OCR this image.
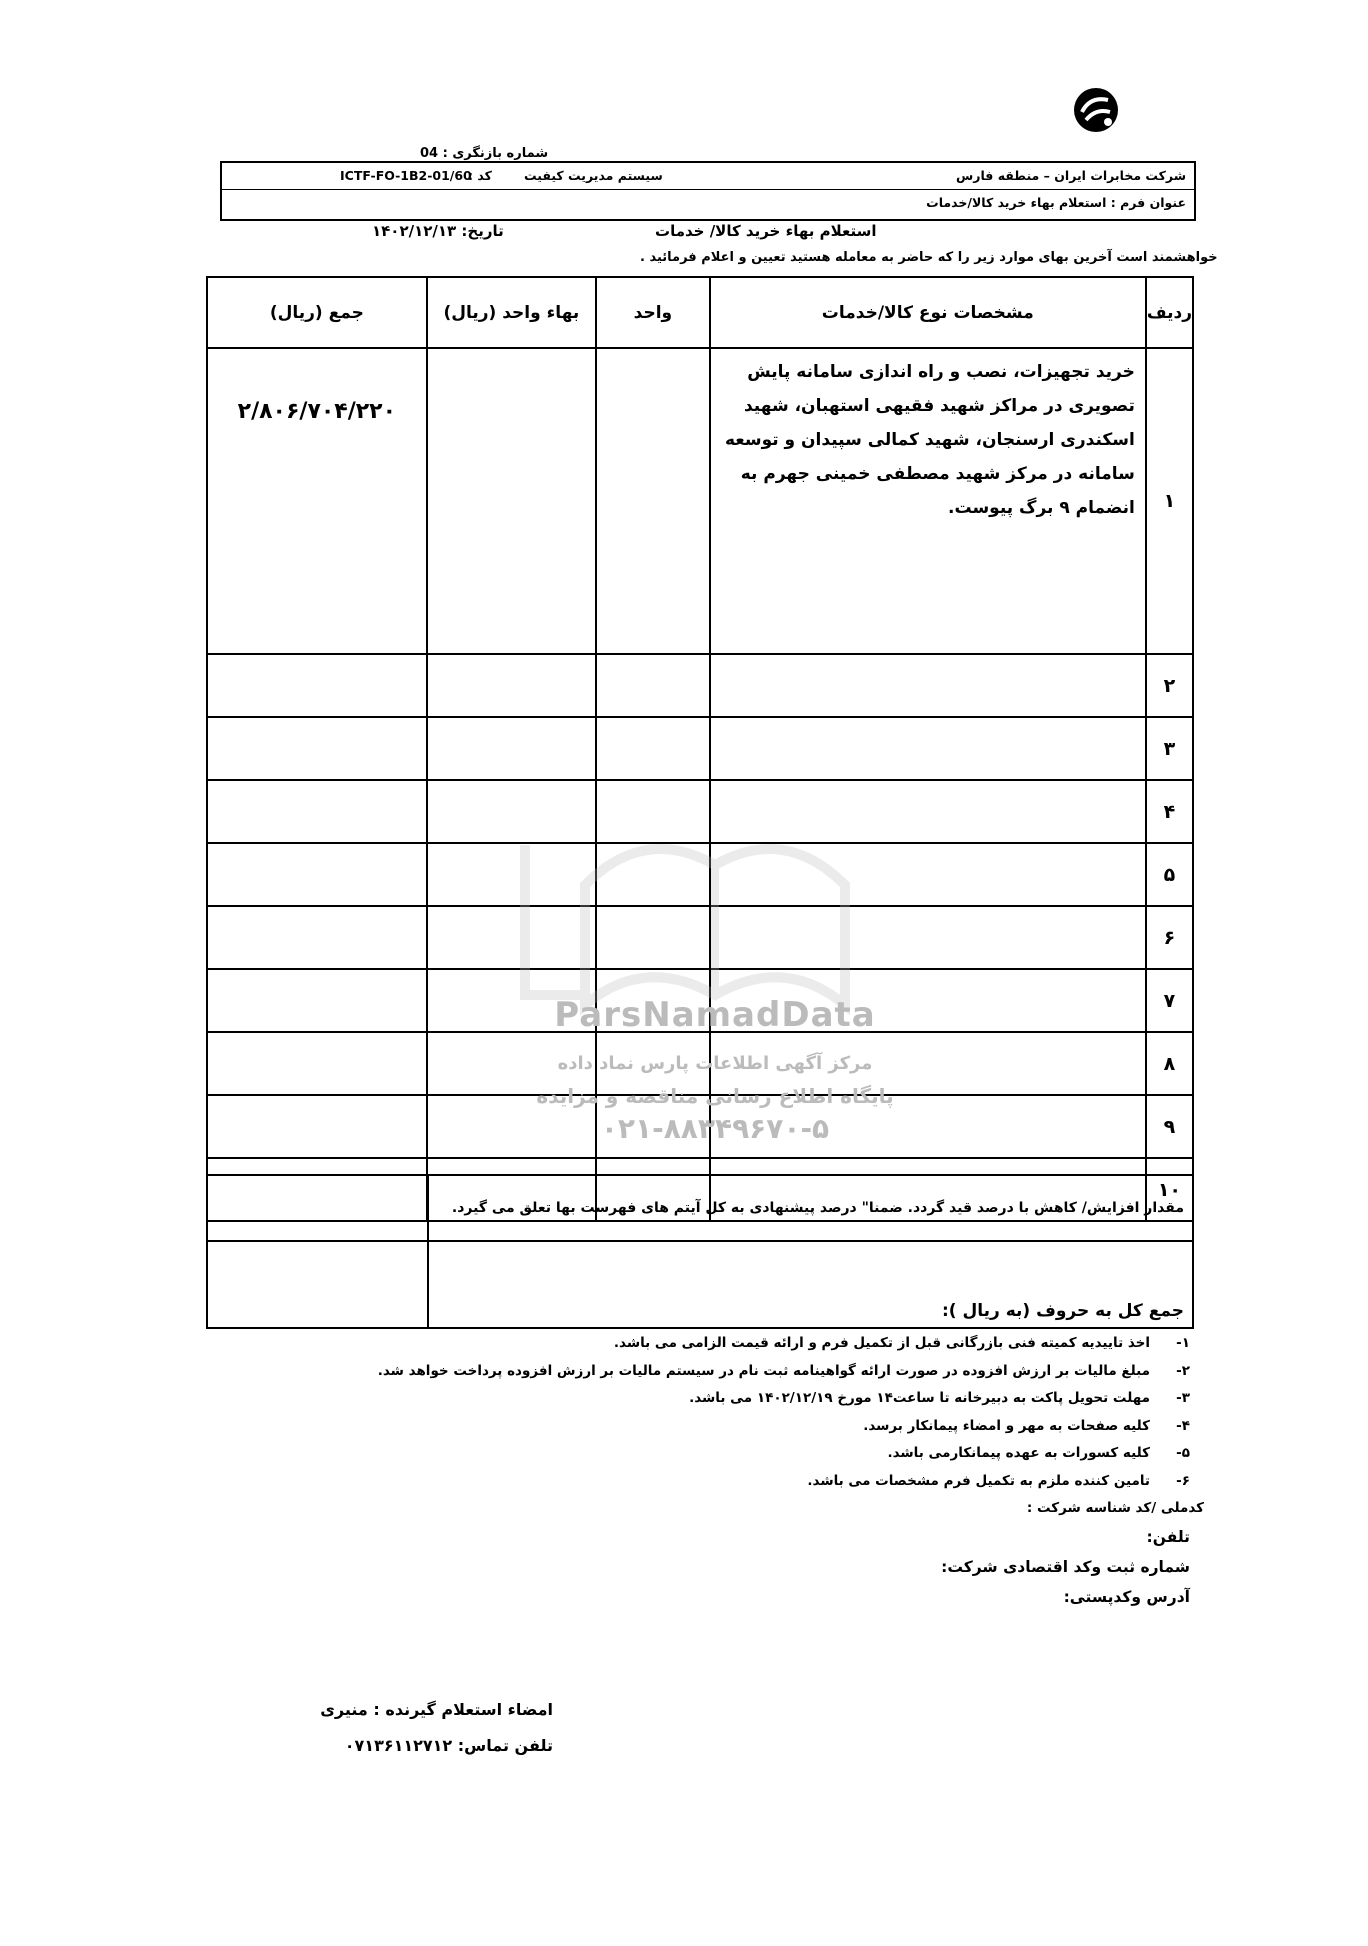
شماره بازنگری : 04
شرکت مخابرات ایران – منطقه فارس
سیستم مدیریت کیفیت
کد :
ICTF-FO-1B2-01/60
عنوان فرم : استعلام بهاء خرید کالا/خدمات
استعلام بهاء خرید کالا/ خدمات
تاریخ: ۱۴۰۲/۱۲/۱۳
خواهشمند است آخرین بهای موارد زیر را که حاضر به معامله هستید تعیین و اعلام فرمائید .
ردیف	مشخصات نوع کالا/خدمات	واحد	بهاء واحد (ریال)	جمع (ریال)
۱	خرید تجهیزات، نصب و راه اندازی سامانه پایش تصویری در مراکز شهید فقیهی استهبان، شهید اسکندری ارسنجان، شهید کمالی سپیدان و توسعه سامانه در مرکز شهید مصطفی خمینی جهرم به انضمام ۹ برگ پیوست.			۲/۸۰۶/۷۰۴/۲۲۰
۲				
۳				
۴				
۵				
۶				
۷				
۸				
۹				
۱۰				
ParsNamadData
مرکز آگهی اطلاعات پارس نماد داده
پایگاه اطلاع رسانی مناقصه و مزایده
۰۲۱-۸۸۳۴۹۶۷۰-۵
مقدار افزایش/ کاهش با درصد قید گردد. ضمنا" درصد پیشنهادی به کل آیتم های فهرست بها تعلق می گیرد.	
جمع کل به حروف (به ریال ):	
۱-اخذ تاییدیه کمیته فنی بازرگانی قبل از تکمیل فرم و ارائه قیمت الزامی می باشد.
۲-مبلغ مالیات بر ارزش افزوده در صورت ارائه گواهینامه ثبت نام در سیستم مالیات بر ارزش افزوده پرداخت خواهد شد.
۳-مهلت تحویل پاکت به دبیرخانه تا ساعت۱۴ مورخ ۱۴۰۲/۱۲/۱۹ می باشد.
۴-کلیه صفحات به مهر و امضاء پیمانکار برسد.
۵-کلیه کسورات به عهده پیمانکارمی باشد.
۶-تامین کننده ملزم به تکمیل فرم مشخصات می باشد.
کدملی /کد شناسه شرکت :
تلفن:
شماره ثبت وکد اقتصادی شرکت:
آدرس وکدپستی:
امضاء استعلام گیرنده : منیری
تلفن تماس: ۰۷۱۳۶۱۱۲۷۱۲
